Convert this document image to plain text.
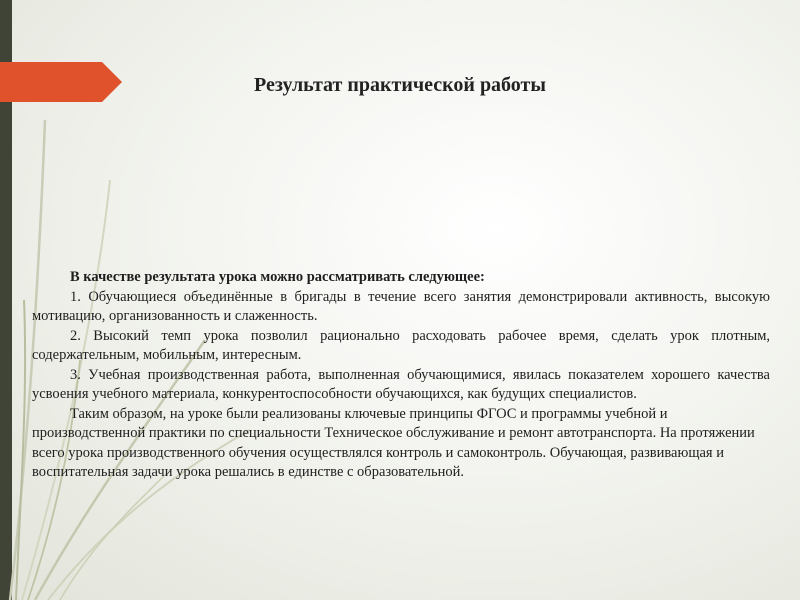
Результат практической работы

В качестве результата урока можно рассматривать следующее:

1. Обучающиеся объединённые в бригады в течение всего занятия демонстрировали активность, высокую мотивацию, организованность и слаженность.

2. Высокий темп урока позволил рационально расходовать рабочее время, сделать урок плотным, содержательным, мобильным, интересным.

3. Учебная производственная работа, выполненная обучающимися, явилась показателем хорошего качества усвоения учебного материала, конкурентоспособности обучающихся, как будущих специалистов.

Таким образом, на уроке были реализованы ключевые принципы ФГОС и программы учебной и производственной практики по специальности Техническое обслуживание и ремонт автотранспорта. На протяжении всего урока производственного обучения осуществлялся контроль и самоконтроль. Обучающая, развивающая и воспитательная задачи урока решались в единстве с образовательной.
